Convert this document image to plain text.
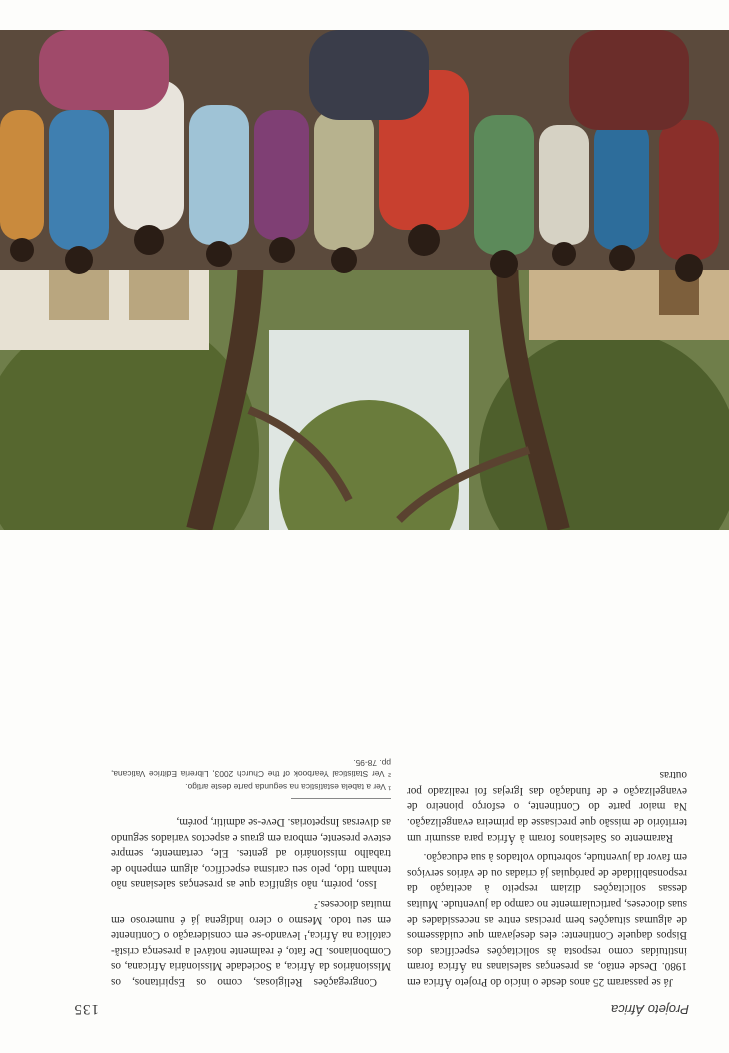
Projeto África
135

Já se passaram 25 anos desde o início do Projeto África em 1980. Desde então, as presenças salesianas na África foram instituídas como resposta às solicitações específicas dos Bispos daquele Continente: eles desejavam que cuidássemos de algumas situações bem precisas entre as necessidades de suas dioceses, particularmente no campo da juventude. Muitas dessas solicitações diziam respeito à aceitação da responsabilidade de paróquias já criadas ou de vários serviços em favor da juventude, sobretudo voltados à sua educação.

Raramente os Salesianos foram à África para assumir um território de missão que precisasse da primeira evangelização. Na maior parte do Continente, o esforço pioneiro de evangelização e de fundação das Igrejas foi realizado por outras

Congregações Religiosas, como os Espiritanos, os Missionários da África, a Sociedade Missionária Africana, os Combonianos. De fato, é realmente notável a presença cristã-católica na África,¹ levando-se em consideração o Continente em seu todo. Mesmo o clero indígena já é numeroso em muitas dioceses.²

Isso, porém, não significa que as presenças salesianas não tenham tido, pelo seu carisma específico, algum empenho de trabalho missionário ad gentes. Ele, certamente, sempre esteve presente, embora em graus e aspectos variados segundo as diversas Inspetorias. Deve-se admitir, porém,

¹ Ver a tabela estatística na segunda parte deste artigo.
² Ver Statistical Yearbook of the Church 2003, Libreria Editrice Vaticana, pp. 78-95.
